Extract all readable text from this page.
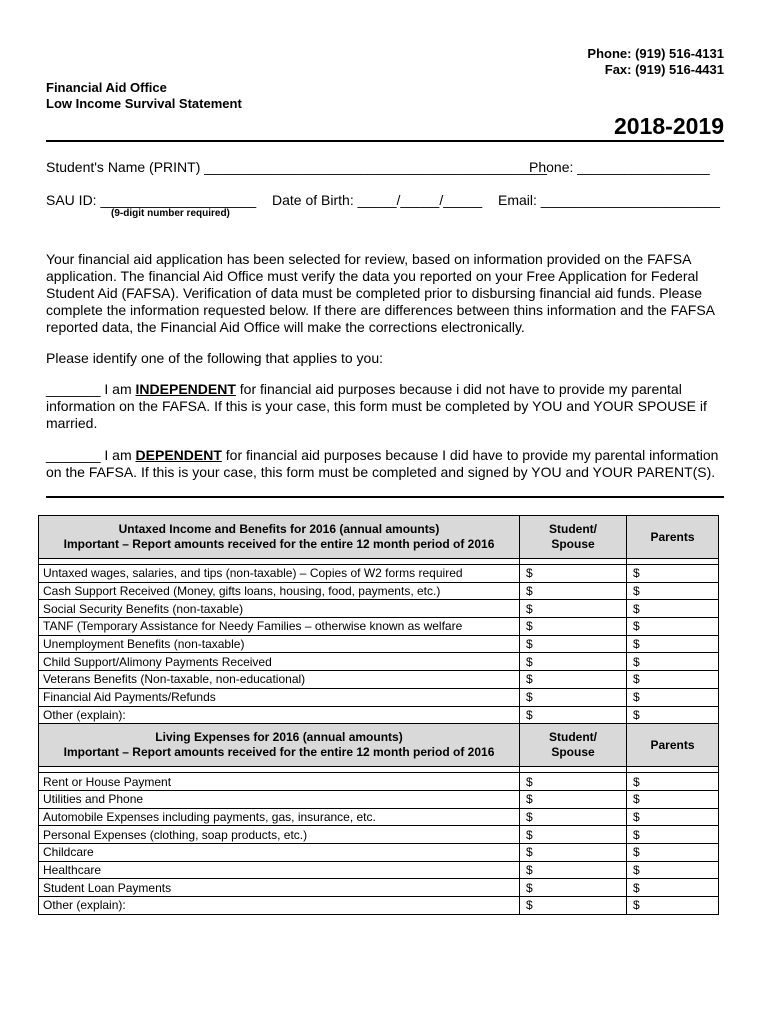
Phone: (919) 516-4131
Fax: (919) 516-4431
Financial Aid Office
Low Income Survival Statement
2018-2019
Student's Name (PRINT) ____________________________________________
Phone: _________________
SAU ID: ____________________
(9-digit number required)
Date of Birth: _____/_____/_____ Email: _______________________
Your financial aid application has been selected for review, based on information provided on the FAFSA application. The financial Aid Office must verify the data you reported on your Free Application for Federal Student Aid (FAFSA). Verification of data must be completed prior to disbursing financial aid funds. Please complete the information requested below. If there are differences between thins information and the FAFSA reported data, the Financial Aid Office will make the corrections electronically.
Please identify one of the following that applies to you:
_______ I am INDEPENDENT for financial aid purposes because i did not have to provide my parental information on the FAFSA. If this is your case, this form must be completed by YOU and YOUR SPOUSE if married.
_______ I am DEPENDENT for financial aid purposes because I did have to provide my parental information on the FAFSA. If this is your case, this form must be completed and signed by YOU and YOUR PARENT(S).
Untaxed Income and Benefits for 2016 (annual amounts)
Important – Report amounts received for the entire 12 month period of 2016	Student/ Spouse	Parents

Untaxed wages, salaries, and tips (non-taxable) – Copies of W2 forms required	$	$
Cash Support Received (Money, gifts loans, housing, food, payments, etc.)	$	$
Social Security Benefits (non-taxable)	$	$
TANF (Temporary Assistance for Needy Families – otherwise known as welfare	$	$
Unemployment Benefits (non-taxable)	$	$
Child Support/Alimony Payments Received	$	$
Veterans Benefits (Non-taxable, non-educational)	$	$
Financial Aid Payments/Refunds	$	$
Other (explain):	$	$

Living Expenses for 2016 (annual amounts)
Important – Report amounts received for the entire 12 month period of 2016	Student/ Spouse	Parents

Rent or House Payment	$	$
Utilities and Phone	$	$
Automobile Expenses including payments, gas, insurance, etc.	$	$
Personal Expenses (clothing, soap products, etc.)	$	$
Childcare	$	$
Healthcare	$	$
Student Loan Payments	$	$
Other (explain):	$	$
